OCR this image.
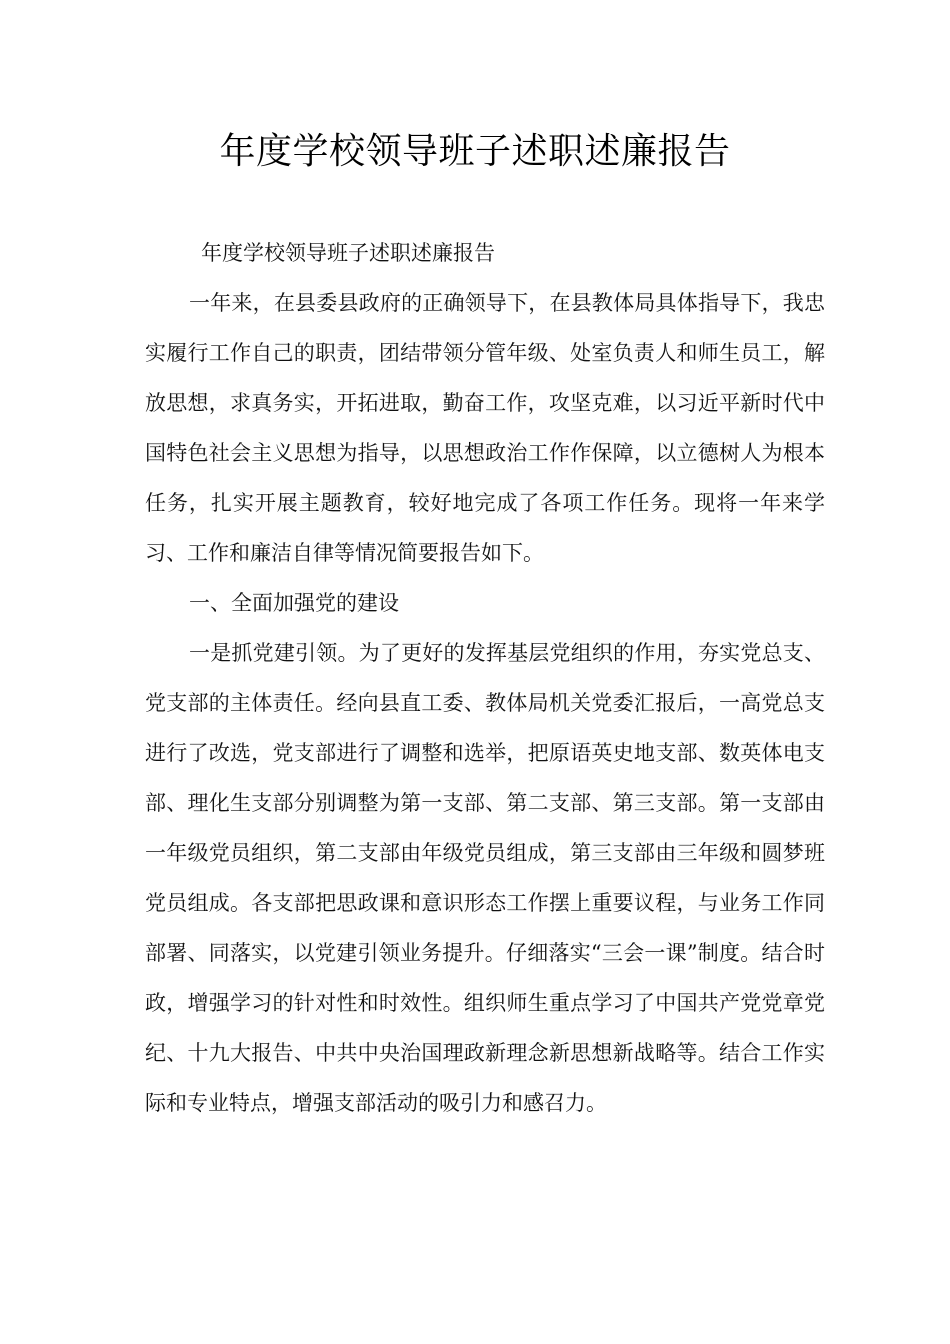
年度学校领导班子述职述廉报告

年度学校领导班子述职述廉报告

一年来，在县委县政府的正确领导下，在县教体局具体指导下，我忠实履行工作自己的职责，团结带领分管年级、处室负责人和师生员工，解放思想，求真务实，开拓进取，勤奋工作，攻坚克难，以习近平新时代中国特色社会主义思想为指导，以思想政治工作作保障，以立德树人为根本任务，扎实开展主题教育，较好地完成了各项工作任务。现将一年来学习、工作和廉洁自律等情况简要报告如下。

一、全面加强党的建设

一是抓党建引领。为了更好的发挥基层党组织的作用，夯实党总支、党支部的主体责任。经向县直工委、教体局机关党委汇报后，一高党总支进行了改选，党支部进行了调整和选举，把原语英史地支部、数英体电支部、理化生支部分别调整为第一支部、第二支部、第三支部。第一支部由一年级党员组织，第二支部由年级党员组成，第三支部由三年级和圆梦班党员组成。各支部把思政课和意识形态工作摆上重要议程，与业务工作同部署、同落实，以党建引领业务提升。仔细落实“三会一课”制度。结合时政，增强学习的针对性和时效性。组织师生重点学习了中国共产党党章党纪、十九大报告、中共中央治国理政新理念新思想新战略等。结合工作实际和专业特点，增强支部活动的吸引力和感召力。
